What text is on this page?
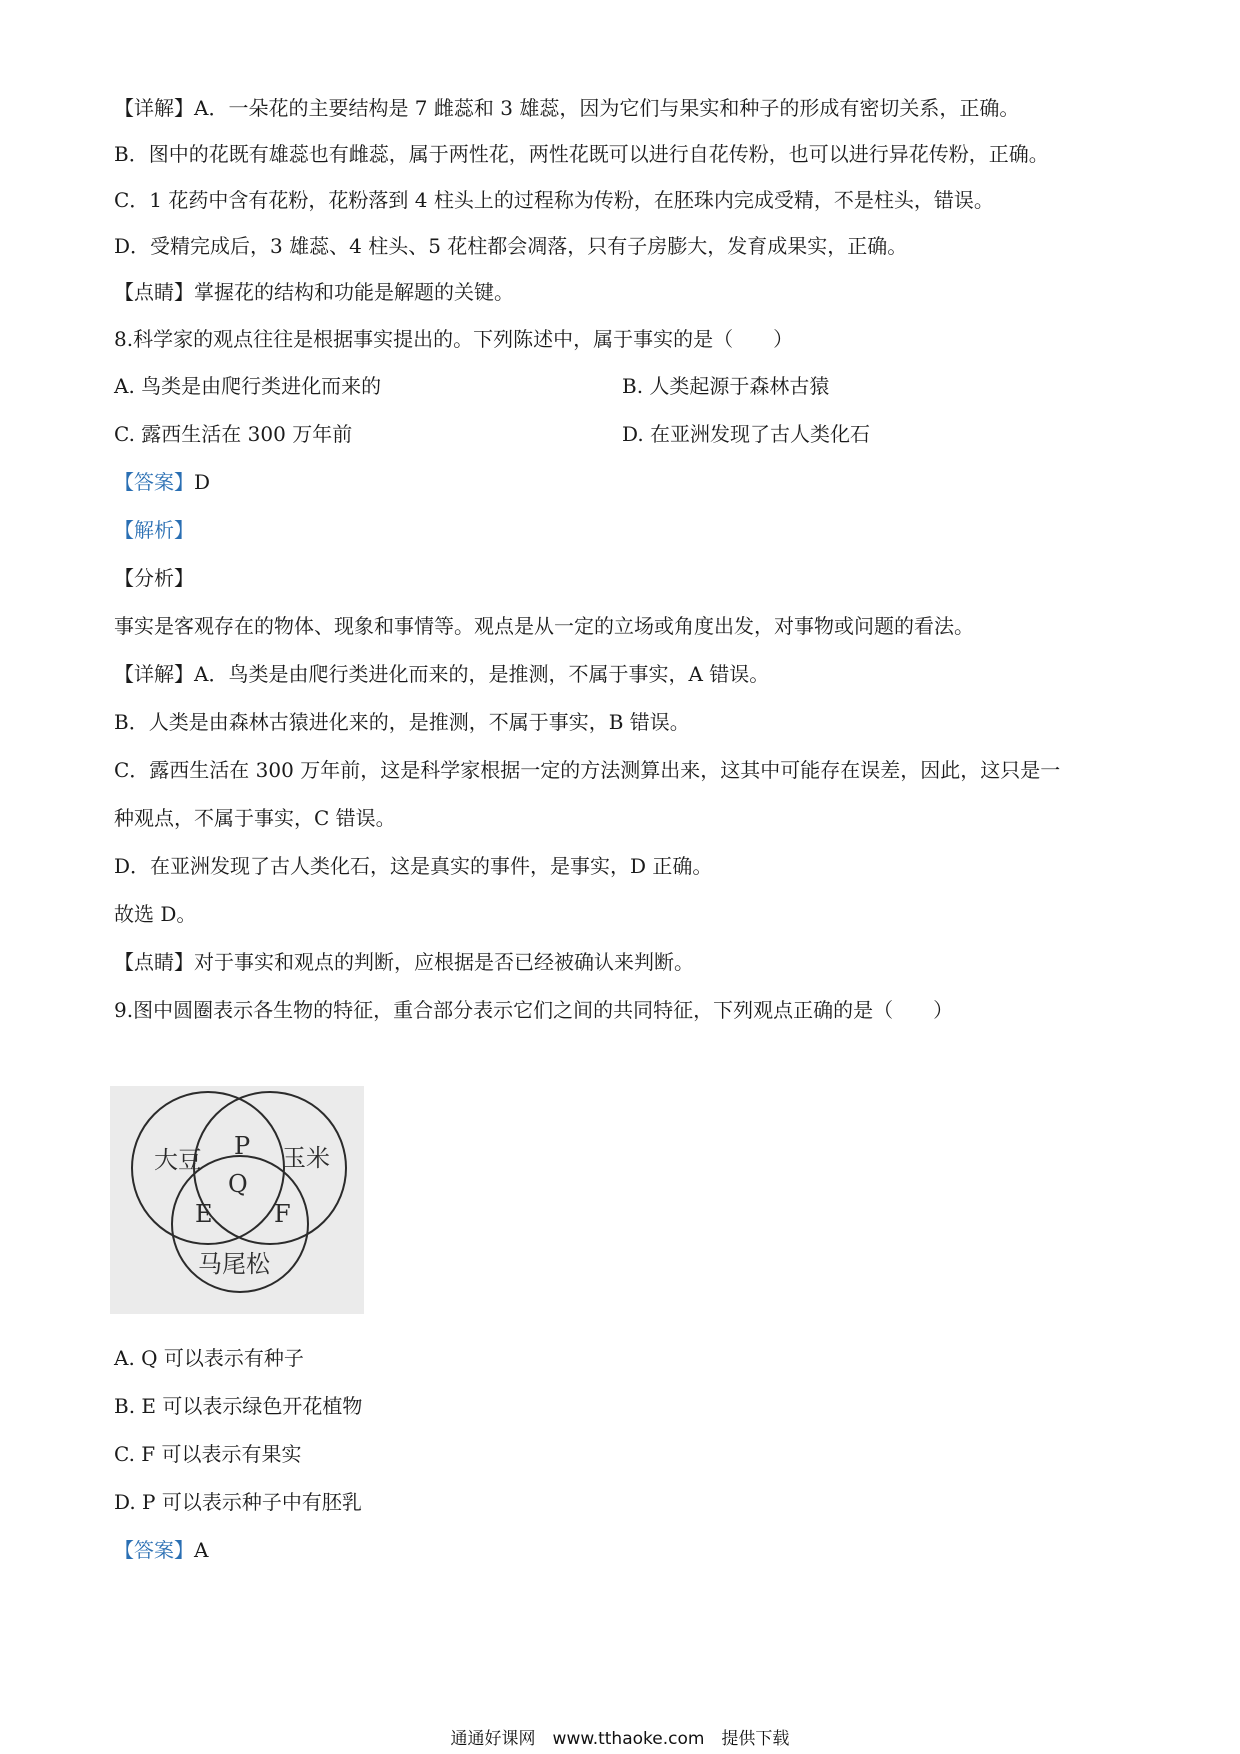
【详解】A．一朵花的主要结构是 7 雌蕊和 3 雄蕊，因为它们与果实和种子的形成有密切关系，正确。
B．图中的花既有雄蕊也有雌蕊，属于两性花，两性花既可以进行自花传粉，也可以进行异花传粉，正确。
C．1 花药中含有花粉，花粉落到 4 柱头上的过程称为传粉，在胚珠内完成受精，不是柱头，错误。
D．受精完成后，3 雄蕊、4 柱头、5 花柱都会凋落，只有子房膨大，发育成果实，正确。
【点睛】掌握花的结构和功能是解题的关键。
8.科学家的观点往往是根据事实提出的。下列陈述中，属于事实的是（　　）
A. 鸟类是由爬行类进化而来的	B. 人类起源于森林古猿
C. 露西生活在 300 万年前	D. 在亚洲发现了古人类化石
【答案】D
【解析】
【分析】
事实是客观存在的物体、现象和事情等。观点是从一定的立场或角度出发，对事物或问题的看法。
【详解】A．鸟类是由爬行类进化而来的，是推测，不属于事实，A 错误。
B．人类是由森林古猿进化来的，是推测，不属于事实，B 错误。
C．露西生活在 300 万年前，这是科学家根据一定的方法测算出来，这其中可能存在误差，因此，这只是一
种观点，不属于事实，C 错误。
D．在亚洲发现了古人类化石，这是真实的事件，是事实，D 正确。
故选 D。
【点睛】对于事实和观点的判断，应根据是否已经被确认来判断。
9.图中圆圈表示各生物的特征，重合部分表示它们之间的共同特征，下列观点正确的是（　　）
大豆	玉米
P
Q
E	F
马尾松
A. Q 可以表示有种子
B. E 可以表示绿色开花植物
C. F 可以表示有果实
D. P 可以表示种子中有胚乳
【答案】A
通通好课网　www.tthaoke.com　提供下载
